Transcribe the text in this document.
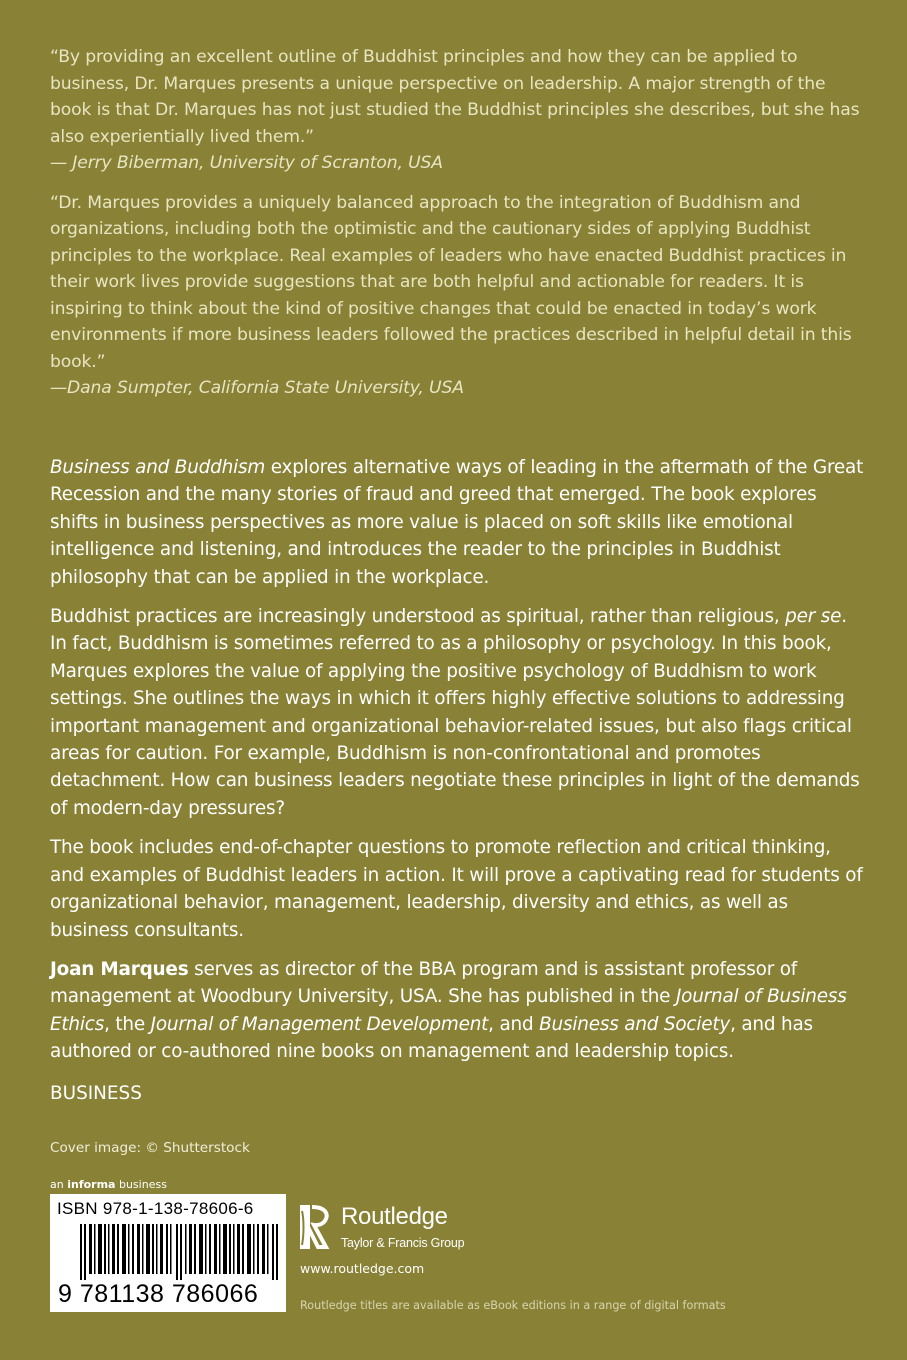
“By providing an excellent outline of Buddhist principles and how they can be applied to business, Dr. Marques presents a unique perspective on leadership. A major strength of the book is that Dr. Marques has not just studied the Buddhist principles she describes, but she has also experientially lived them.”

— Jerry Biberman, University of Scranton, USA

“Dr. Marques provides a uniquely balanced approach to the integration of Buddhism and organizations, including both the optimistic and the cautionary sides of applying Buddhist principles to the workplace. Real examples of leaders who have enacted Buddhist practices in their work lives provide suggestions that are both helpful and actionable for readers. It is inspiring to think about the kind of positive changes that could be enacted in today’s work environments if more business leaders followed the practices described in helpful detail in this book.”

—Dana Sumpter, California State University, USA

Business and Buddhism explores alternative ways of leading in the aftermath of the Great Recession and the many stories of fraud and greed that emerged. The book explores shifts in business perspectives as more value is placed on soft skills like emotional intelligence and listening, and introduces the reader to the principles in Buddhist philosophy that can be applied in the workplace.

Buddhist practices are increasingly understood as spiritual, rather than religious, per se. In fact, Buddhism is sometimes referred to as a philosophy or psychology. In this book, Marques explores the value of applying the positive psychology of Buddhism to work settings. She outlines the ways in which it offers highly effective solutions to addressing important management and organizational behavior-related issues, but also flags critical areas for caution. For example, Buddhism is non-confrontational and promotes detachment. How can business leaders negotiate these principles in light of the demands of modern-day pressures?

The book includes end-of-chapter questions to promote reflection and critical thinking, and examples of Buddhist leaders in action. It will prove a captivating read for students of organizational behavior, management, leadership, diversity and ethics, as well as business consultants.

Joan Marques serves as director of the BBA program and is assistant professor of management at Woodbury University, USA. She has published in the Journal of Business Ethics, the Journal of Management Development, and Business and Society, and has authored or co-authored nine books on management and leadership topics.

BUSINESS
Cover image: © Shutterstock
an informa business
ISBN 978-1-138-78606-6
9 781138 786066
Routledge
Taylor & Francis Group
www.routledge.com
Routledge titles are available as eBook editions in a range of digital formats
